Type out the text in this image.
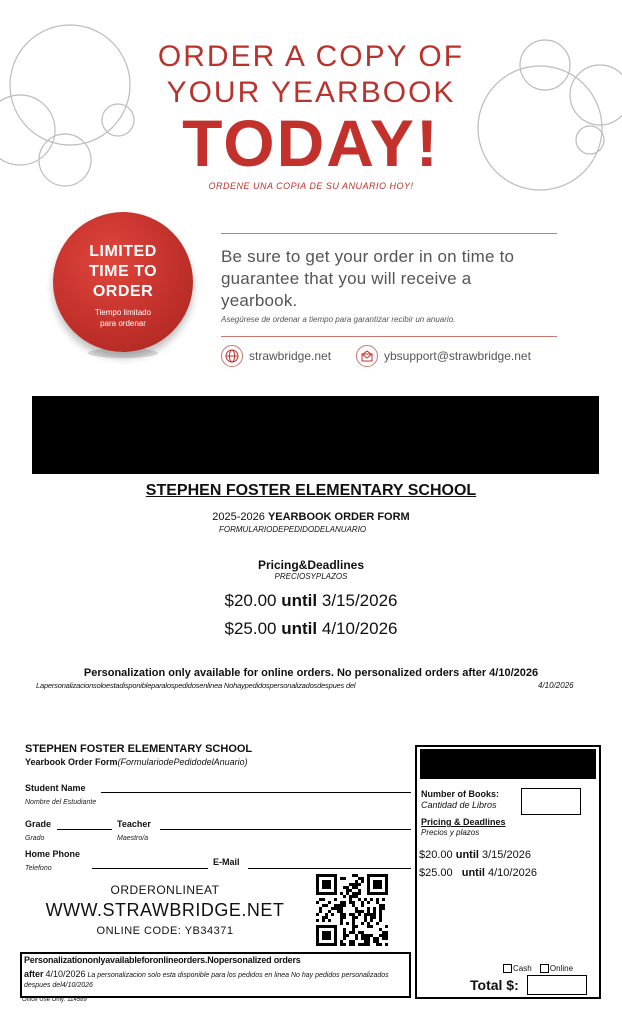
ORDER A COPY OF
YOUR YEARBOOK
TODAY!
ORDENE UNA COPIA DE SU ANUARIO HOY!
LIMITED
TIME TO
ORDER
Tiempo limitado
para ordenar
Be sure to get your order in on time to guarantee that you will receive a yearbook.
Asegúrese de ordenar a tiempo para garantizar recibir un anuario.
strawbridge.net	ybsupport@strawbridge.net
STEPHEN FOSTER ELEMENTARY SCHOOL
2025-2026 YEARBOOK ORDER FORM
FORMULARIODEPEDIDODELANUARIO
Pricing&Deadlines
PRECIOSYPLAZOS
$20.00 until 3/15/2026
$25.00 until 4/10/2026
Personalization only available for online orders. No personalized orders after 4/10/2026
Lapersonalizacionsoloestadisponibleparalospedidosenlinea Nohaypedidospersonalizadosdespues del	4/10/2026
STEPHEN FOSTER ELEMENTARY SCHOOL
Yearbook Order Form(FormulariodePedidodelAnuario)
Student Name
Nombre del Estudiante
Grade	Teacher
Grado	Maestro/a
Home Phone
Telefono
E-Mail
ORDERONLINEAT
WWW.STRAWBRIDGE.NET
ONLINE CODE: YB34371
Personalizationonlyavailableforonlineorders.Nopersonalized orders
after 4/10/2026 La personalizacion solo esta disponible para los pedidos en linea No hay pedidos personalizados despues del4/10/2026
Office Use Only: 114589
Number of Books:
Cantidad de Libros
Pricing & Deadlines
Precios y plazos
$20.00 until 3/15/2026
$25.00 until 4/10/2026
Cash Online
Total $:
